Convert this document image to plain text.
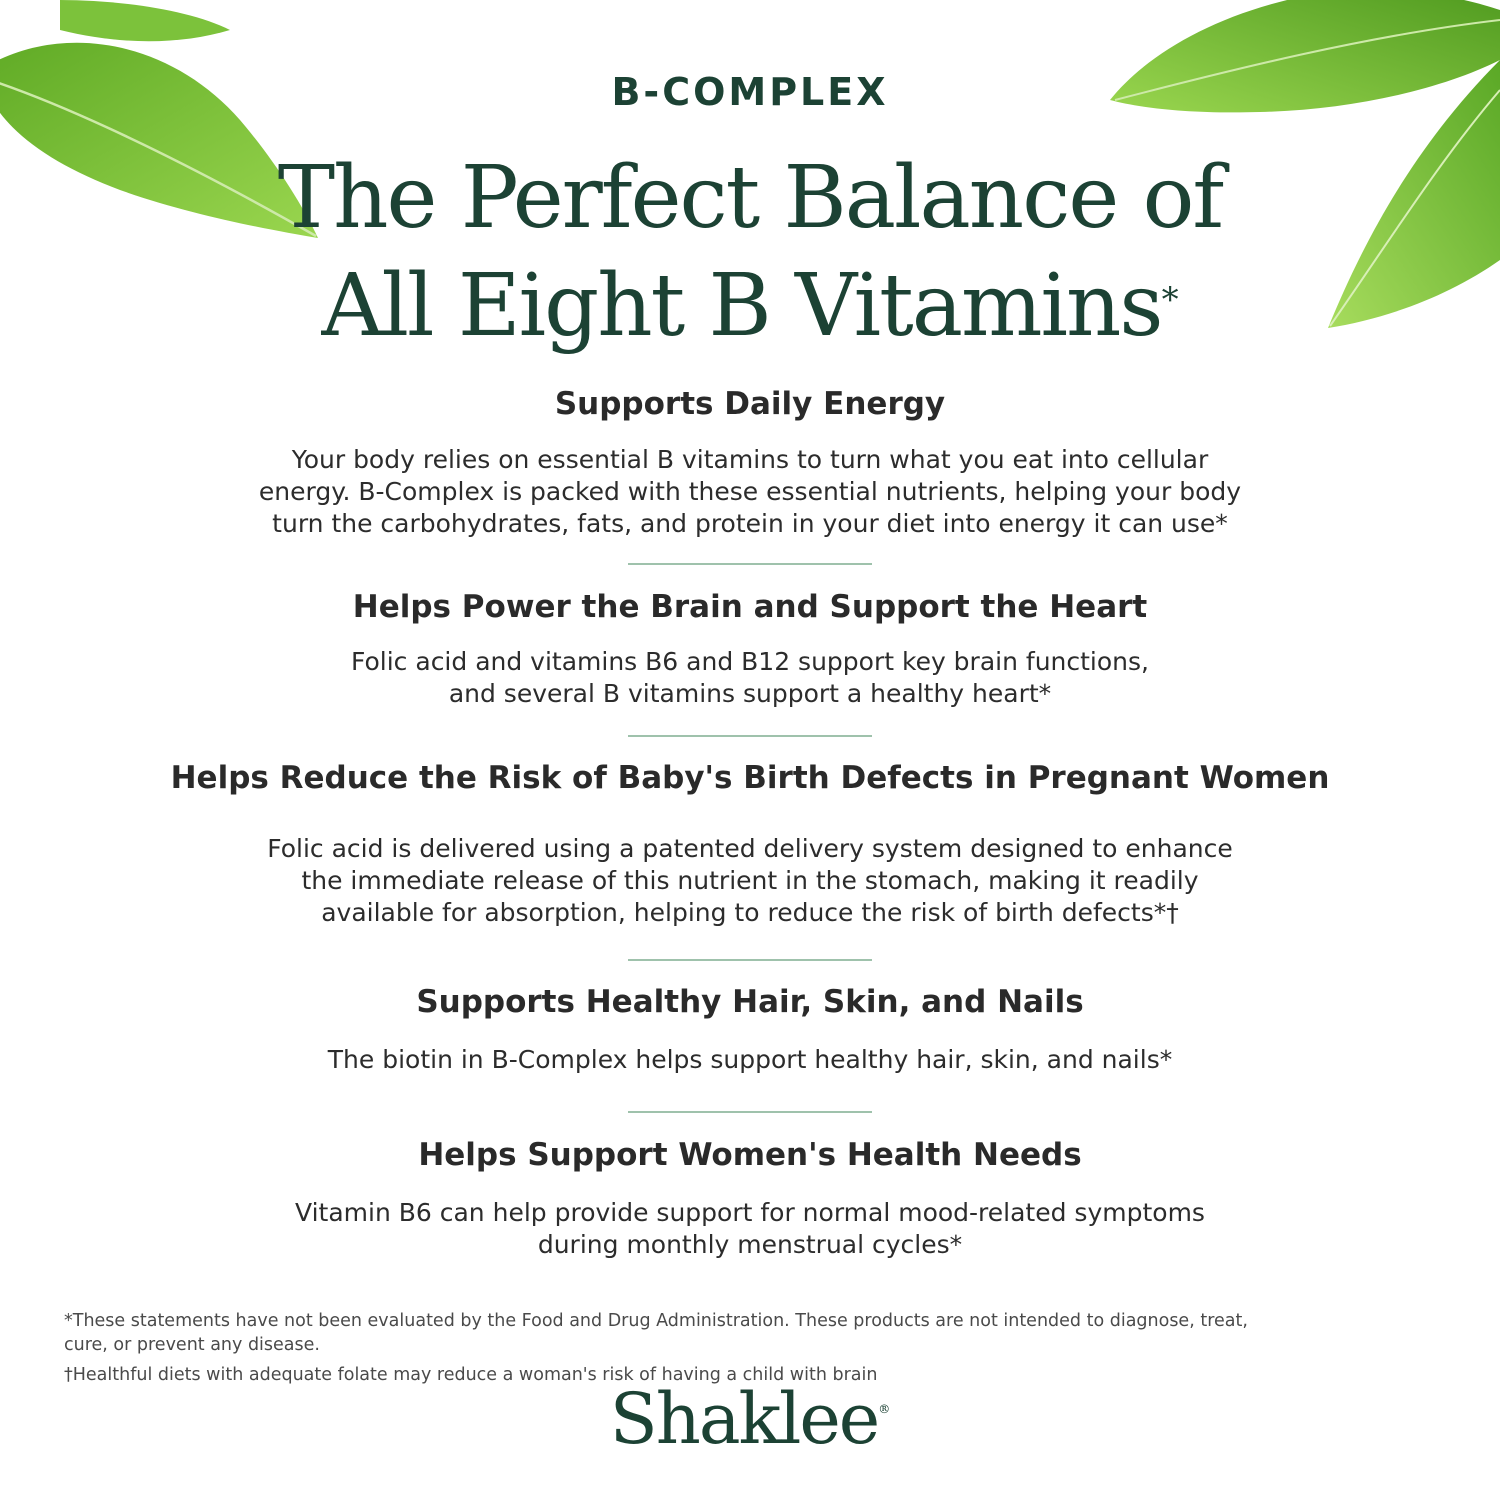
B-COMPLEX
The Perfect Balance of
All Eight B Vitamins*
Supports Daily Energy
Your body relies on essential B vitamins to turn what you eat into cellular
energy. B-Complex is packed with these essential nutrients, helping your body
turn the carbohydrates, fats, and protein in your diet into energy it can use*
Helps Power the Brain and Support the Heart
Folic acid and vitamins B6 and B12 support key brain functions,
and several B vitamins support a healthy heart*
Helps Reduce the Risk of Baby's Birth Defects in Pregnant Women
Folic acid is delivered using a patented delivery system designed to enhance
the immediate release of this nutrient in the stomach, making it readily
available for absorption, helping to reduce the risk of birth defects*†
Supports Healthy Hair, Skin, and Nails
The biotin in B-Complex helps support healthy hair, skin, and nails*
Helps Support Women's Health Needs
Vitamin B6 can help provide support for normal mood-related symptoms
during monthly menstrual cycles*
*These statements have not been evaluated by the Food and Drug Administration. These products are not intended to diagnose, treat,
cure, or prevent any disease.
†Healthful diets with adequate folate may reduce a woman's risk of having a child with brain
Shaklee®
